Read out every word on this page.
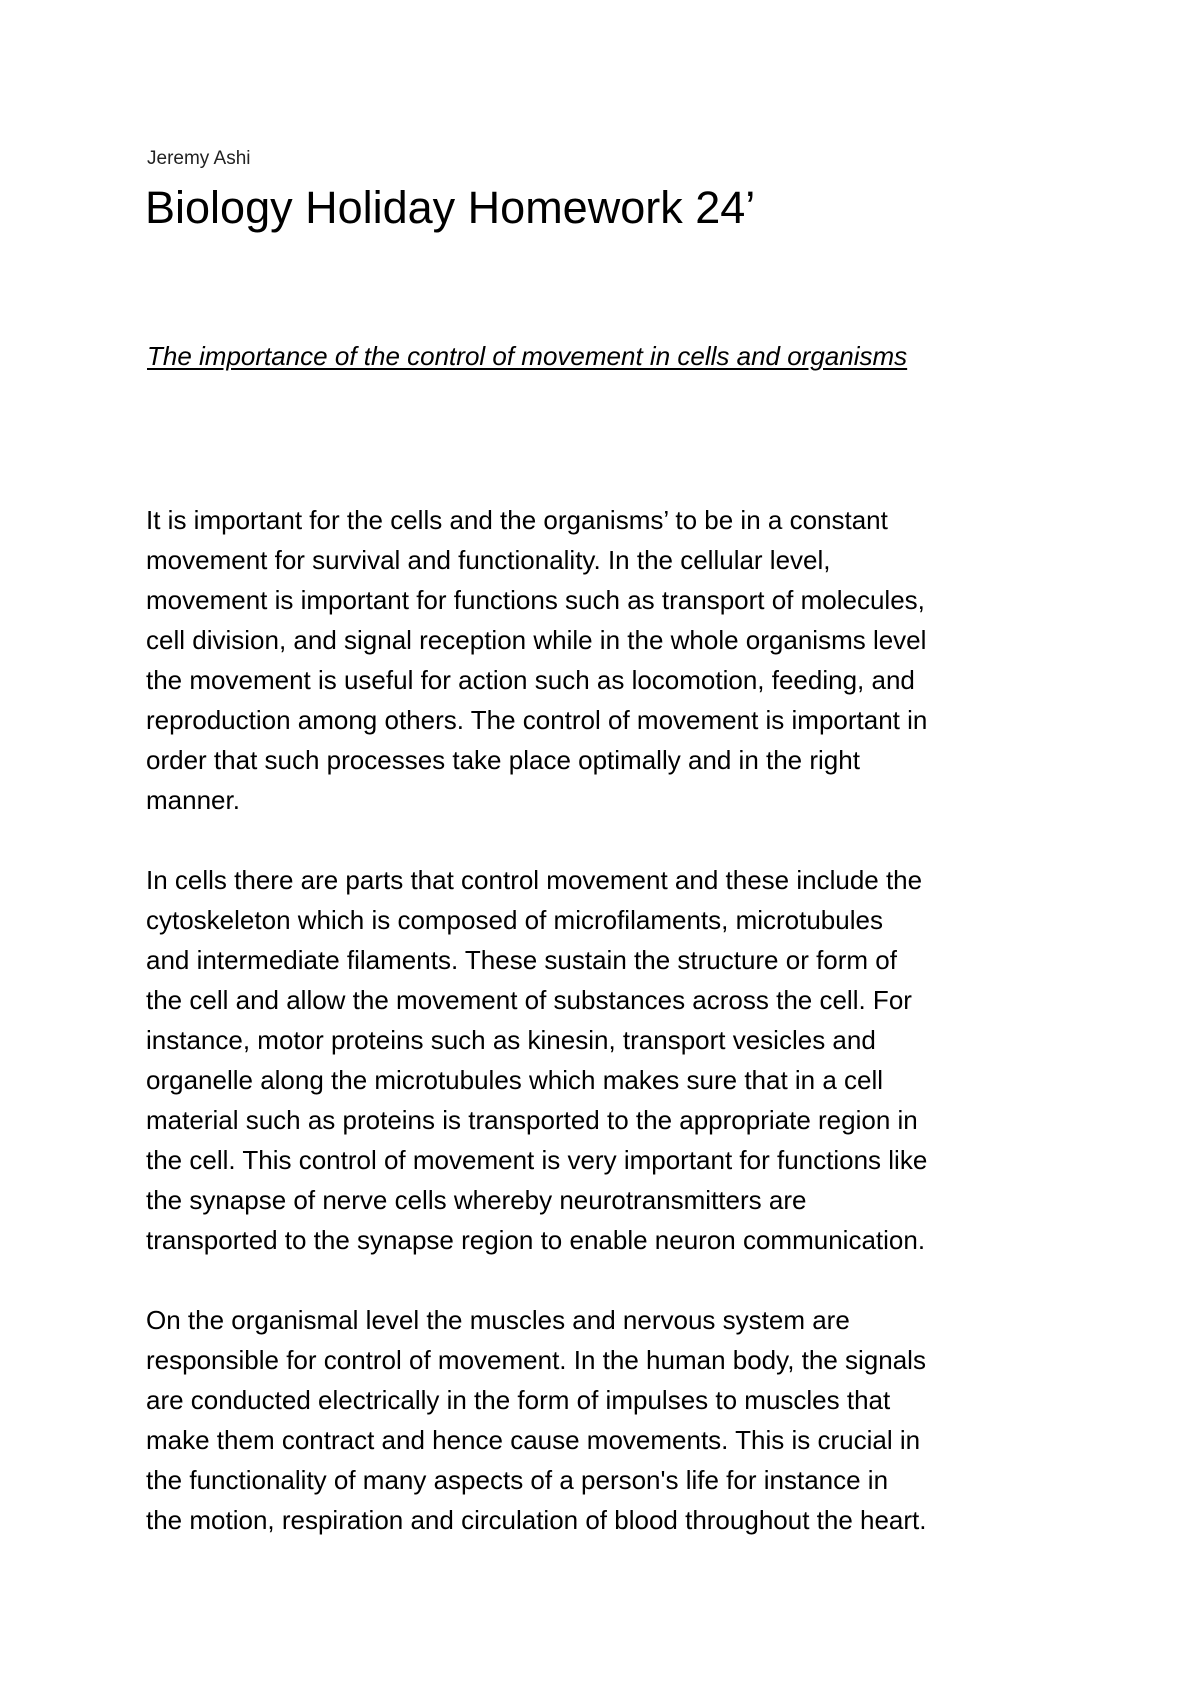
Jeremy Ashi
Biology Holiday Homework 24’
The importance of the control of movement in cells and organisms

It is important for the cells and the organisms’ to be in a constant
movement for survival and functionality. In the cellular level,
movement is important for functions such as transport of molecules,
cell division, and signal reception while in the whole organisms level
the movement is useful for action such as locomotion, feeding, and
reproduction among others. The control of movement is important in
order that such processes take place optimally and in the right
manner.

In cells there are parts that control movement and these include the
cytoskeleton which is composed of microfilaments, microtubules
and intermediate filaments. These sustain the structure or form of
the cell and allow the movement of substances across the cell. For
instance, motor proteins such as kinesin, transport vesicles and
organelle along the microtubules which makes sure that in a cell
material such as proteins is transported to the appropriate region in
the cell. This control of movement is very important for functions like
the synapse of nerve cells whereby neurotransmitters are
transported to the synapse region to enable neuron communication.

On the organismal level the muscles and nervous system are
responsible for control of movement. In the human body, the signals
are conducted electrically in the form of impulses to muscles that
make them contract and hence cause movements. This is crucial in
the functionality of many aspects of a person's life for instance in
the motion, respiration and circulation of blood throughout the heart.
